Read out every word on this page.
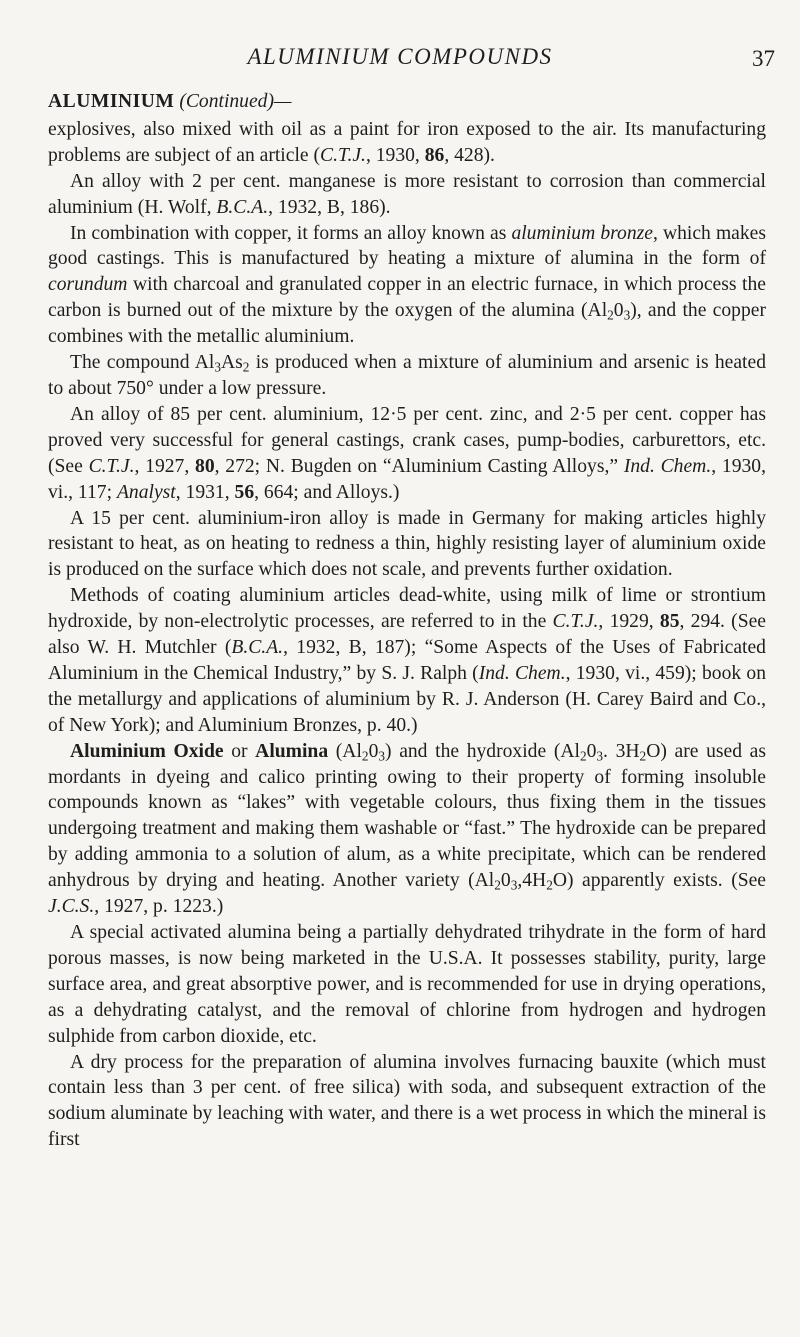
ALUMINIUM COMPOUNDS	37
ALUMINIUM (Continued)—

explosives, also mixed with oil as a paint for iron exposed to the air. Its manufacturing problems are subject of an article (C.T.J., 1930, 86, 428).

An alloy with 2 per cent. manganese is more resistant to corrosion than commercial aluminium (H. Wolf, B.C.A., 1932, B, 186).

In combination with copper, it forms an alloy known as aluminium bronze, which makes good castings. This is manufactured by heating a mixture of alumina in the form of corundum with charcoal and granulated copper in an electric furnace, in which process the carbon is burned out of the mixture by the oxygen of the alumina $(Al_20_3)$, and the copper combines with the metallic aluminium.

The compound $Al_3As_2$ is produced when a mixture of aluminium and arsenic is heated to about 750° under a low pressure.

An alloy of 85 per cent. aluminium, 12·5 per cent. zinc, and 2·5 per cent. copper has proved very successful for general castings, crank cases, pump-bodies, carburettors, etc. (See C.T.J., 1927, 80, 272; N. Bugden on “Aluminium Casting Alloys,” Ind. Chem., 1930, vi., 117; Analyst, 1931, 56, 664; and Alloys.)

A 15 per cent. aluminium-iron alloy is made in Germany for making articles highly resistant to heat, as on heating to redness a thin, highly resisting layer of aluminium oxide is produced on the surface which does not scale, and prevents further oxidation.

Methods of coating aluminium articles dead-white, using milk of lime or strontium hydroxide, by non-electrolytic processes, are referred to in the C.T.J., 1929, 85, 294. (See also W. H. Mutchler (B.C.A., 1932, B, 187); “Some Aspects of the Uses of Fabricated Aluminium in the Chemical Industry,” by S. J. Ralph (Ind. Chem., 1930, vi., 459); book on the metallurgy and applications of aluminium by R. J. Anderson (H. Carey Baird and Co., of New York); and Aluminium Bronzes, p. 40.)

Aluminium Oxide or Alumina $(Al_20_3)$ and the hydroxide ($Al_20_3$. $3H_2O$) are used as mordants in dyeing and calico printing owing to their property of forming insoluble compounds known as “lakes” with vegetable colours, thus fixing them in the tissues undergoing treatment and making them washable or “fast.” The hydroxide can be prepared by adding ammonia to a solution of alum, as a white precipitate, which can be rendered anhydrous by drying and heating. Another variety $(Al_20_3,4H_2O)$ apparently exists. (See J.C.S., 1927, p. 1223.)

A special activated alumina being a partially dehydrated trihydrate in the form of hard porous masses, is now being marketed in the U.S.A. It possesses stability, purity, large surface area, and great absorptive power, and is recommended for use in drying operations, as a dehydrating catalyst, and the removal of chlorine from hydrogen and hydrogen sulphide from carbon dioxide, etc.

A dry process for the preparation of alumina involves furnacing bauxite (which must contain less than 3 per cent. of free silica) with soda, and subsequent extraction of the sodium aluminate by leaching with water, and there is a wet process in which the mineral is first
